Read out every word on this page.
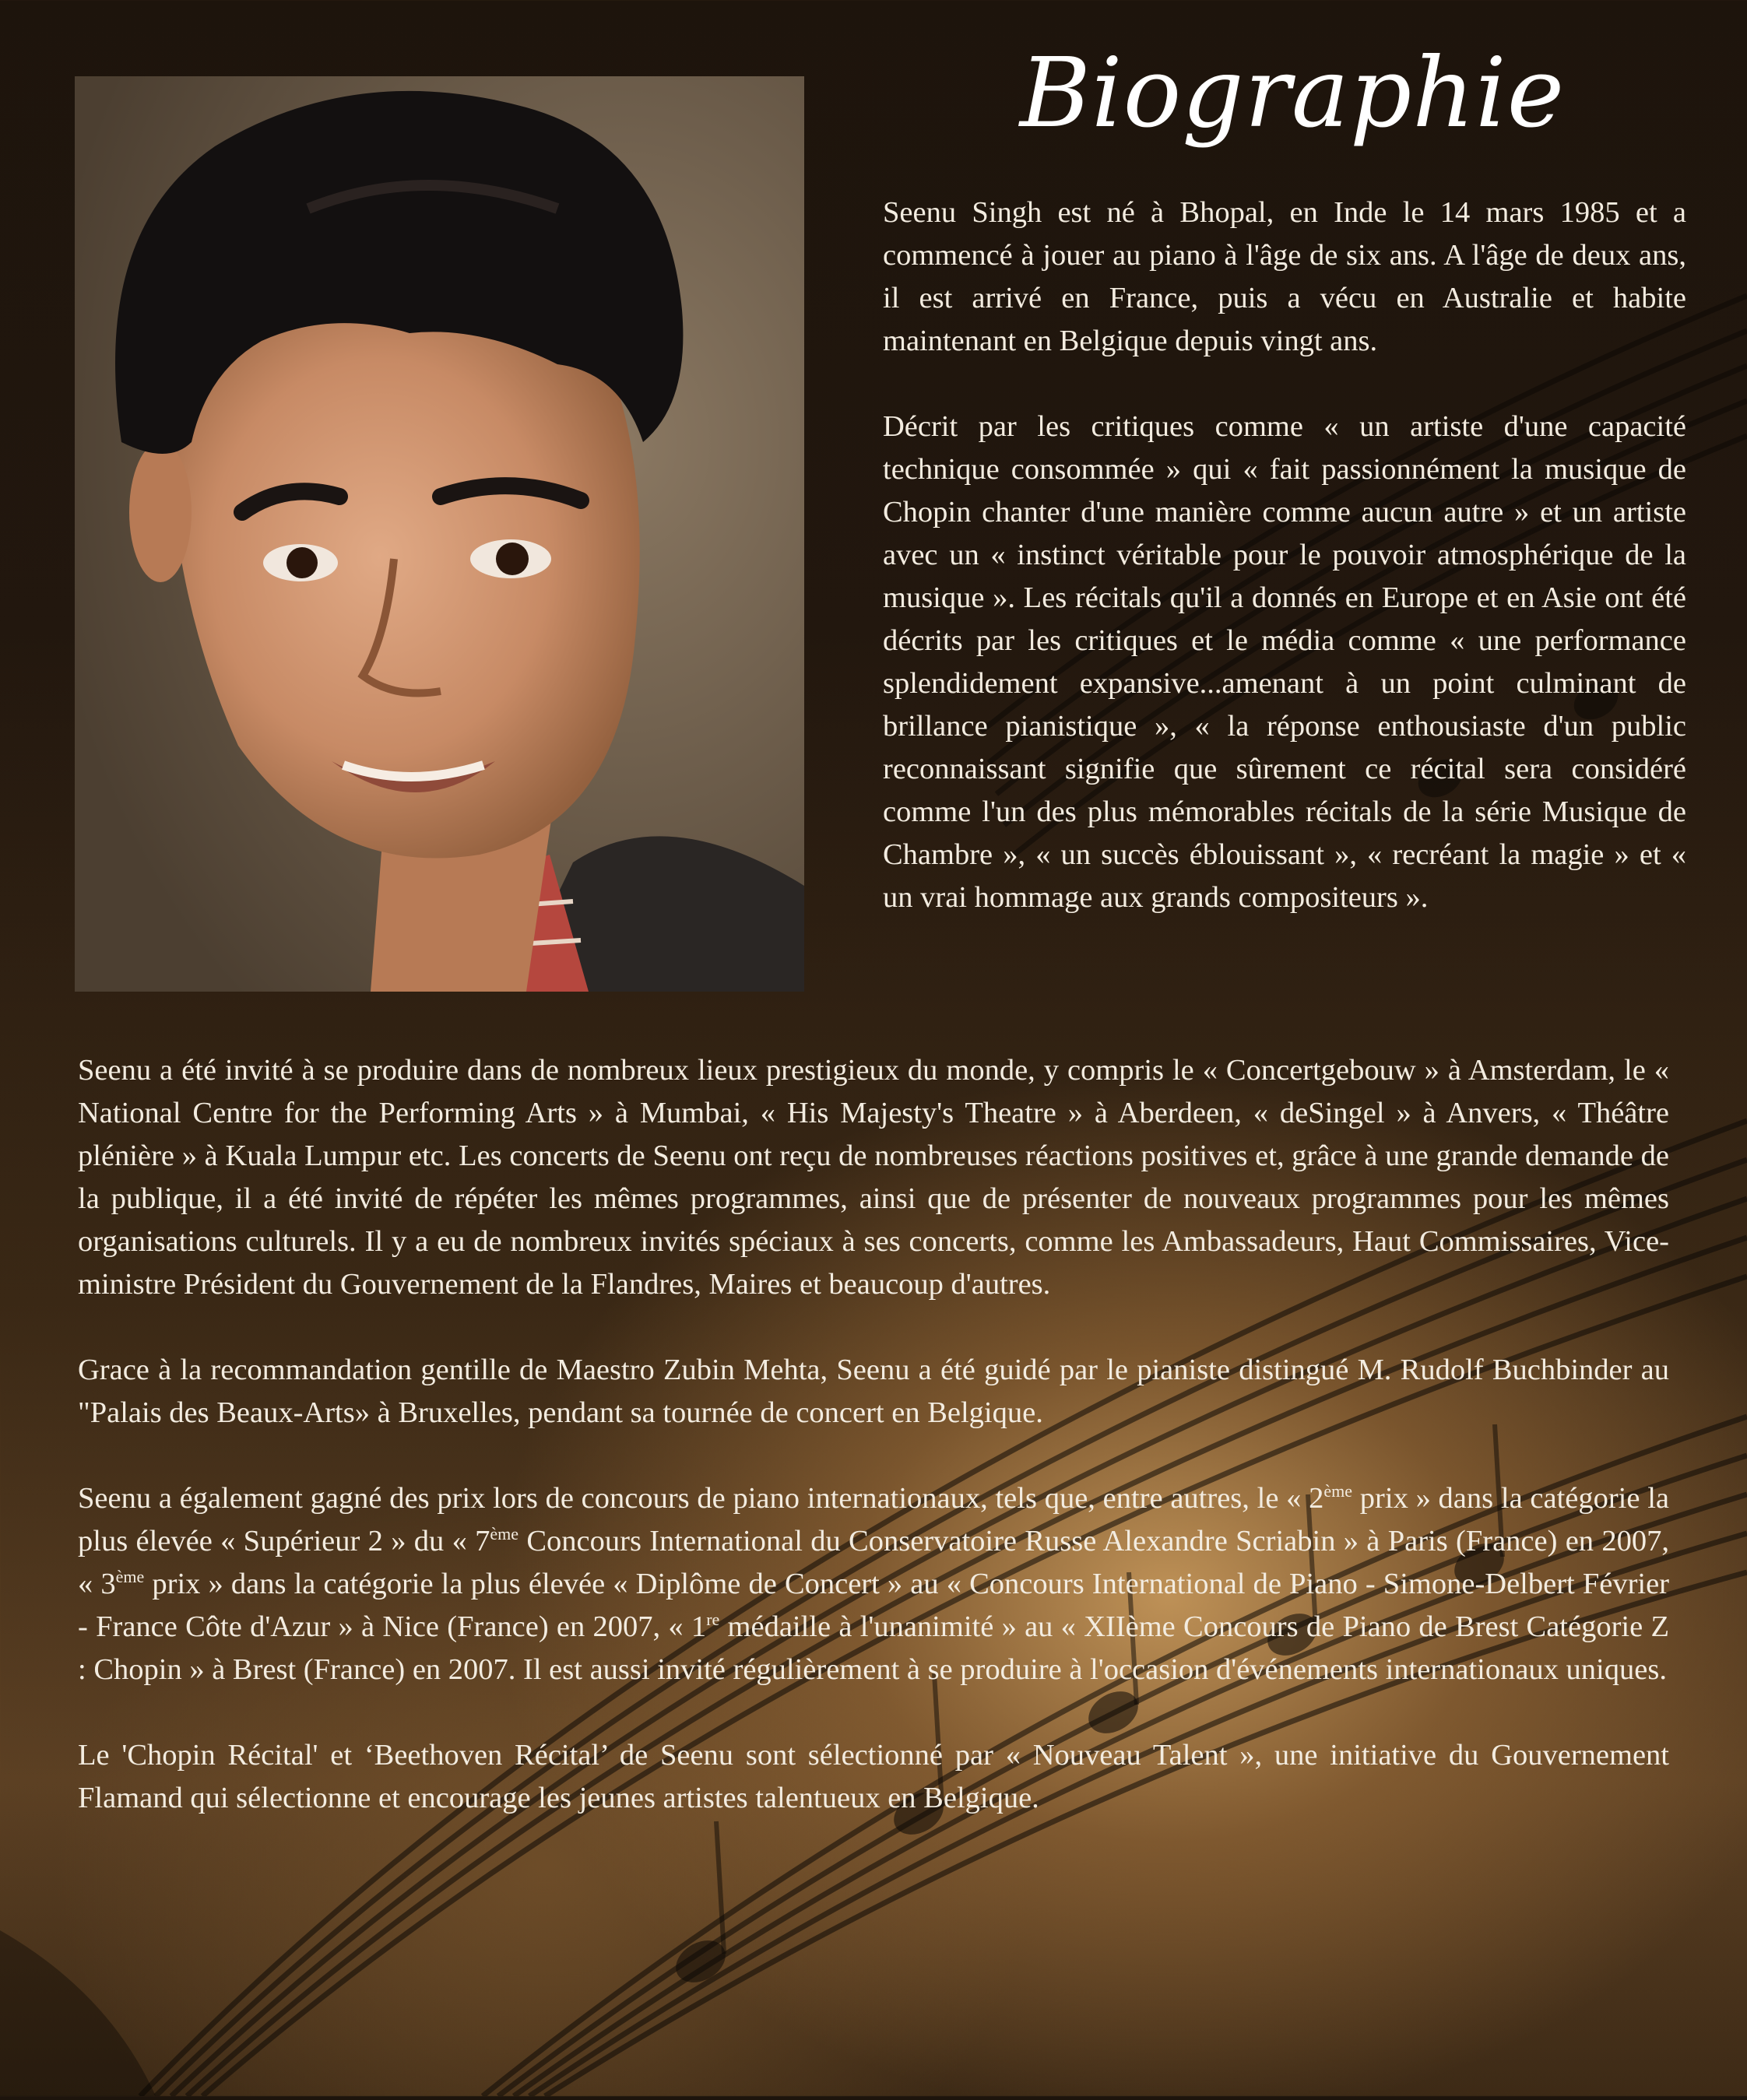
Biographie

Seenu Singh est né à Bhopal, en Inde le 14 mars 1985 et a commencé à jouer au piano à l'âge de six ans. A l'âge de deux ans, il est arrivé en France, puis a vécu en Australie et habite maintenant en Belgique depuis vingt ans.

Décrit par les critiques comme « un artiste d'une capacité technique consommée » qui « fait passionnément la musique de Chopin chanter d'une manière comme aucun autre » et un artiste avec un « instinct véritable pour le pouvoir atmosphérique de la musique ». Les récitals qu'il a donnés en Europe et en Asie ont été décrits par les critiques et le média comme « une performance splendidement expansive...amenant à un point culminant de brillance pianistique », « la réponse enthousiaste d'un public reconnaissant signifie que sûrement ce récital sera considéré comme l'un des plus mémorables récitals de la série Musique de Chambre », « un succès éblouissant », « recréant la magie » et « un vrai hommage aux grands compositeurs ».

Seenu a été invité à se produire dans de nombreux lieux prestigieux du monde, y compris le « Concertgebouw » à Amsterdam, le « National Centre for the Performing Arts » à Mumbai, « His Majesty's Theatre » à Aberdeen, « deSingel » à Anvers, « Théâtre plénière » à Kuala Lumpur etc. Les concerts de Seenu ont reçu de nombreuses réactions positives et, grâce à une grande demande de la publique, il a été invité de répéter les mêmes programmes, ainsi que de présenter de nouveaux programmes pour les mêmes organisations culturels. Il y a eu de nombreux invités spéciaux à ses concerts, comme les Ambassadeurs, Haut Commissaires, Vice-ministre Président du Gouvernement de la Flandres, Maires et beaucoup d'autres.

Grace à la recommandation gentille de Maestro Zubin Mehta, Seenu a été guidé par le pianiste distingué M. Rudolf Buchbinder au "Palais des Beaux-Arts» à Bruxelles, pendant sa tournée de concert en Belgique.

Seenu a également gagné des prix lors de concours de piano internationaux, tels que, entre autres, le « 2ème prix » dans la catégorie la plus élevée « Supérieur 2 » du « 7ème Concours International du Conservatoire Russe Alexandre Scriabin » à Paris (France) en 2007, « 3ème prix » dans la catégorie la plus élevée « Diplôme de Concert » au « Concours International de Piano - Simone-Delbert Février - France Côte d'Azur » à Nice (France) en 2007, « 1re médaille à l'unanimité » au « XIIème Concours de Piano de Brest Catégorie Z : Chopin » à Brest (France) en 2007. Il est aussi invité régulièrement à se produire à l'occasion d'événements internationaux uniques.

Le 'Chopin Récital' et ‘Beethoven Récital’ de Seenu sont sélectionné par « Nouveau Talent », une initiative du Gouvernement Flamand qui sélectionne et encourage les jeunes artistes talentueux en Belgique.
